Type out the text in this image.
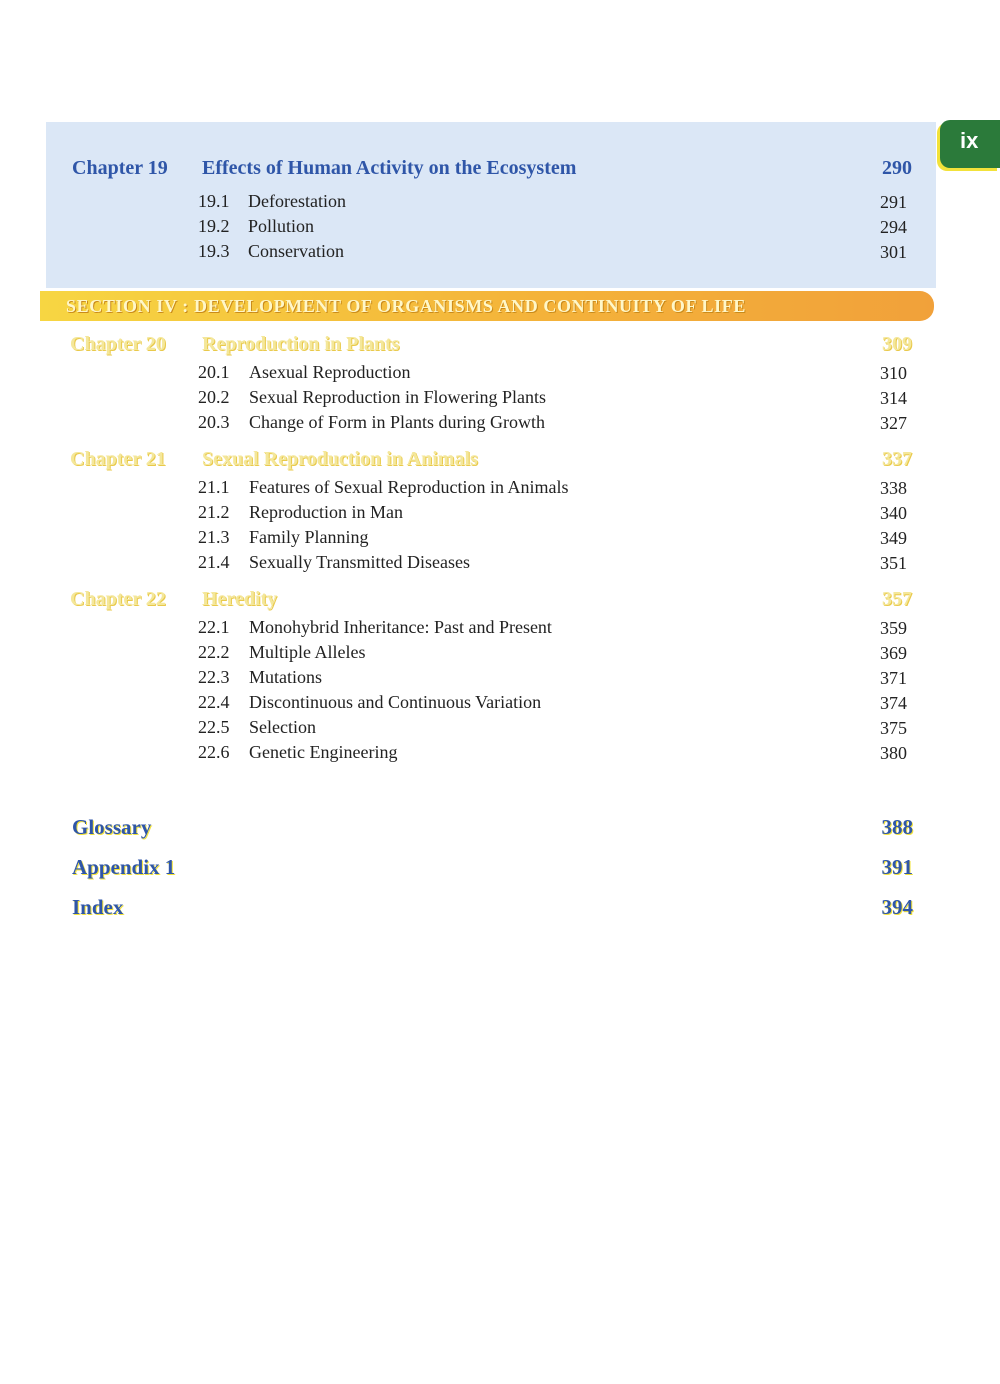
ix
Chapter 19 Effects of Human Activity on the Ecosystem	290
19.1 Deforestation	291
19.2 Pollution	294
19.3 Conservation	301
SECTION IV : DEVELOPMENT OF ORGANISMS AND CONTINUITY OF LIFE
Chapter 20 Reproduction in Plants	309
20.1 Asexual Reproduction	310
20.2 Sexual Reproduction in Flowering Plants	314
20.3 Change of Form in Plants during Growth	327
Chapter 21 Sexual Reproduction in Animals	337
21.1 Features of Sexual Reproduction in Animals	338
21.2 Reproduction in Man	340
21.3 Family Planning	349
21.4 Sexually Transmitted Diseases	351
Chapter 22 Heredity	357
22.1 Monohybrid Inheritance: Past and Present	359
22.2 Multiple Alleles	369
22.3 Mutations	371
22.4 Discontinuous and Continuous Variation	374
22.5 Selection	375
22.6 Genetic Engineering	380
Glossary	388
Appendix 1	391
Index	394
